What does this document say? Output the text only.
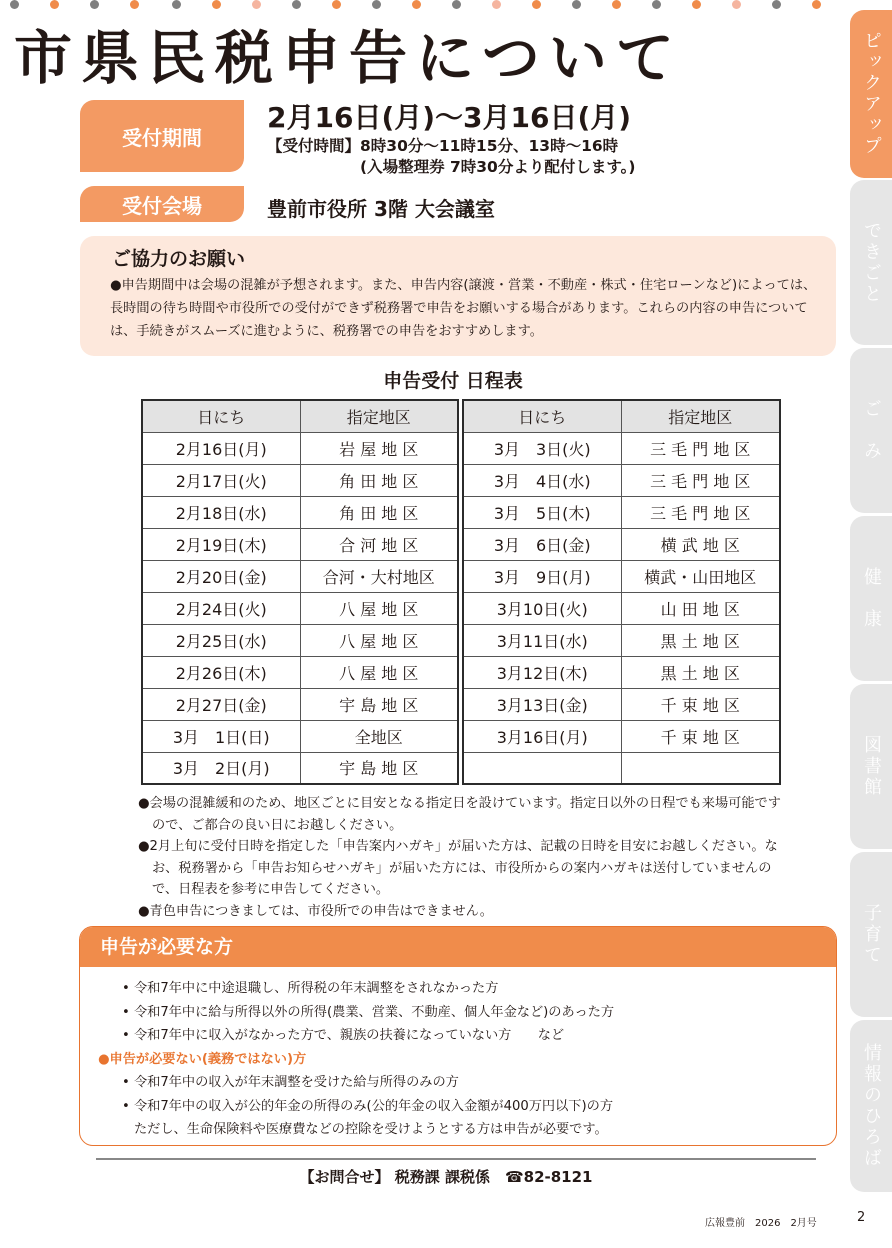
市県民税申告について
受付期間
2月16日(月)～3月16日(月)
【受付時間】8時30分～11時15分、13時～16時
(入場整理券 7時30分より配付します。)
受付会場	豊前市役所 3階 大会議室
ご協力のお願い
●申告期間中は会場の混雑が予想されます。また、申告内容(譲渡・営業・不動産・株式・住宅ローンなど)によっては、長時間の待ち時間や市役所での受付ができず税務署で申告をお願いする場合があります。これらの内容の申告については、手続きがスムーズに進むように、税務署での申告をおすすめします。
申告受付 日程表
日にち	指定地区
2月16日(月)	岩 屋 地 区
2月17日(火)	角 田 地 区
2月18日(水)	角 田 地 区
2月19日(木)	合 河 地 区
2月20日(金)	合河・大村地区
2月24日(火)	八 屋 地 区
2月25日(水)	八 屋 地 区
2月26日(木)	八 屋 地 区
2月27日(金)	宇 島 地 区
3月　1日(日)	全地区
3月　2日(月)	宇 島 地 区
日にち	指定地区
3月　3日(火)	三 毛 門 地 区
3月　4日(水)	三 毛 門 地 区
3月　5日(木)	三 毛 門 地 区
3月　6日(金)	横 武 地 区
3月　9日(月)	横武・山田地区
3月10日(火)	山 田 地 区
3月11日(水)	黒 土 地 区
3月12日(木)	黒 土 地 区
3月13日(金)	千 束 地 区
3月16日(月)	千 束 地 区

●会場の混雑緩和のため、地区ごとに目安となる指定日を設けています。指定日以外の日程でも来場可能ですので、ご都合の良い日にお越しください。

●2月上旬に受付日時を指定した「申告案内ハガキ」が届いた方は、記載の日時を目安にお越しください。なお、税務署から「申告お知らせハガキ」が届いた方には、市役所からの案内ハガキは送付していませんので、日程表を参考に申告してください。

●青色申告につきましては、市役所での申告はできません。

申告が必要な方
• 令和7年中に中途退職し、所得税の年末調整をされなかった方
• 令和7年中に給与所得以外の所得(農業、営業、不動産、個人年金など)のあった方
• 令和7年中に収入がなかった方で、親族の扶養になっていない方　　など
●申告が必要ない(義務ではない)方
• 令和7年中の収入が年末調整を受けた給与所得のみの方
• 令和7年中の収入が公的年金の所得のみ(公的年金の収入金額が400万円以下)の方
ただし、生命保険料や医療費などの控除を受けようとする方は申告が必要です。
【お問合せ】 税務課 課税係　☎82-8121
広報豊前　2026　2月号	2
ピックアップ
できごと
ご　み
健　康
図書館
子育て
情報のひろば
